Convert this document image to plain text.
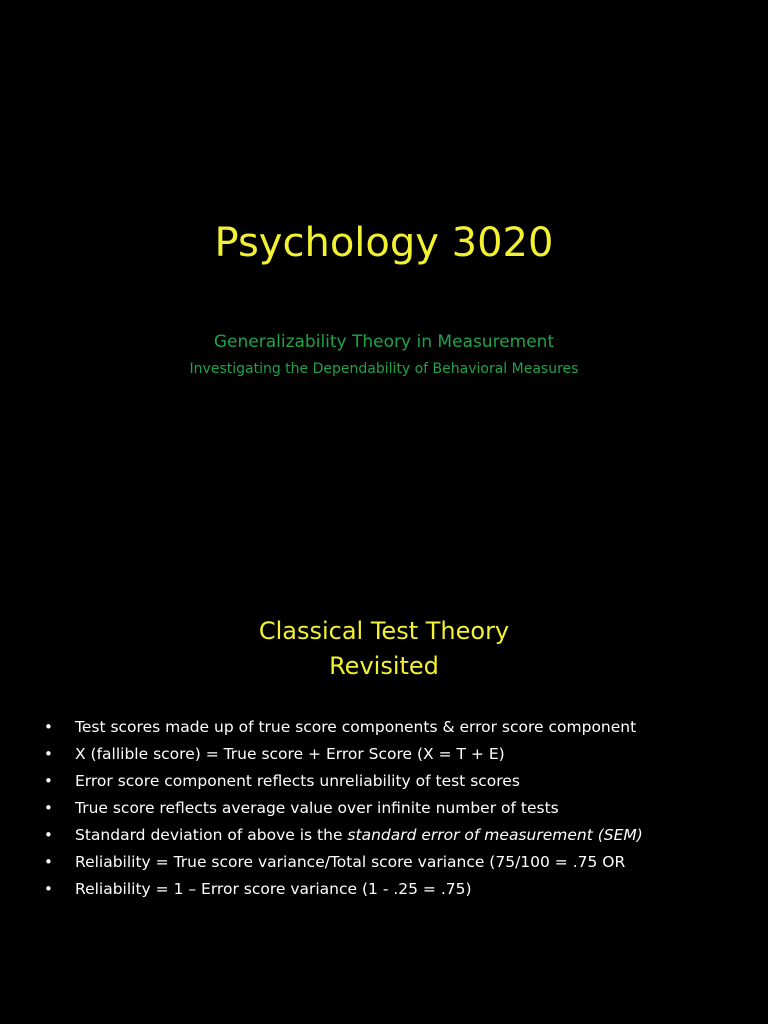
Psychology 3020
Generalizability Theory in Measurement
Investigating the Dependability of Behavioral Measures
Classical Test Theory
Revisited
•	Test scores made up of true score components & error score component
•	X (fallible score) = True score + Error Score (X = T + E)
•	Error score component reflects unreliability of test scores
•	True score reflects average value over infinite number of tests
•	Standard deviation of above is the standard error of measurement (SEM)
•	Reliability = True score variance/Total score variance (75/100 = .75 OR
•	Reliability = 1 – Error score variance (1 - .25 = .75)
